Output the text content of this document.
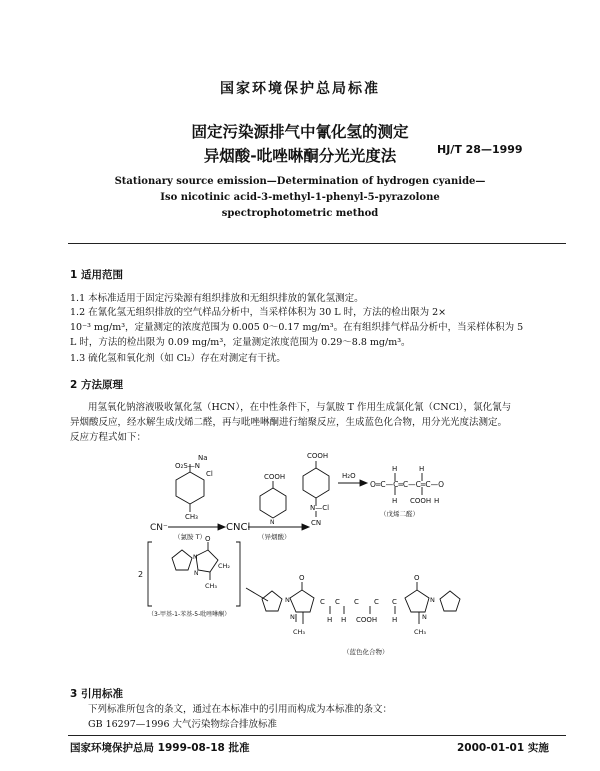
国家环境保护总局标准
固定污染源排气中氰化氢的测定
异烟酸-吡唑啉酮分光光度法	HJ/T 28—1999
Stationary source emission—Determination of hydrogen cyanide—
Iso nicotinic acid-3-methyl-1-phenyl-5-pyrazolone
spectrophotometric method
1 适用范围
1.1 本标准适用于固定污染源有组织排放和无组织排放的氰化氢测定。
1.2 在氰化氢无组织排放的空气样品分析中，当采样体积为 30 L 时，方法的检出限为 2×
10⁻³ mg/m³，定量测定的浓度范围为 0.005 0～0.17 mg/m³。在有组织排气样品分析中，当采样体积为 5
L 时，方法的检出限为 0.09 mg/m³，定量测定浓度范围为 0.29～8.8 mg/m³。
1.3 硫化氢和氧化剂（如 Cl₂）存在对测定有干扰。
2 方法原理
用氢氧化钠溶液吸收氰化氢（HCN），在中性条件下，与氯胺 T 作用生成氯化氰（CNCl），氯化氰与
异烟酸反应，经水解生成戊烯二醛，再与吡唑啉酮进行缩聚反应，生成蓝色化合物，用分光光度法测定。
反应方程式如下：
Na
O₂S—N
Cl
CH₃
CN⁻	CNCl
（氯胺 T）
COOH
N
（异烟酸）
COOH
N—Cl
CN
H₂O
H	H
O═C—C═C—C═C—O
H COOH H
（戊烯二醛）
2
O
N
N
CH₂
CH₃
（3-甲基-1-苯基-5-吡唑啉酮）
O
N
N
C C C C C
H H COOH H
CH₃
O
N
N
CH₃
（蓝色化合物）
3 引用标准
下列标准所包含的条文，通过在本标准中的引用而构成为本标准的条文：
GB 16297—1996 大气污染物综合排放标准
国家环境保护总局 1999-08-18 批准	2000-01-01 实施
